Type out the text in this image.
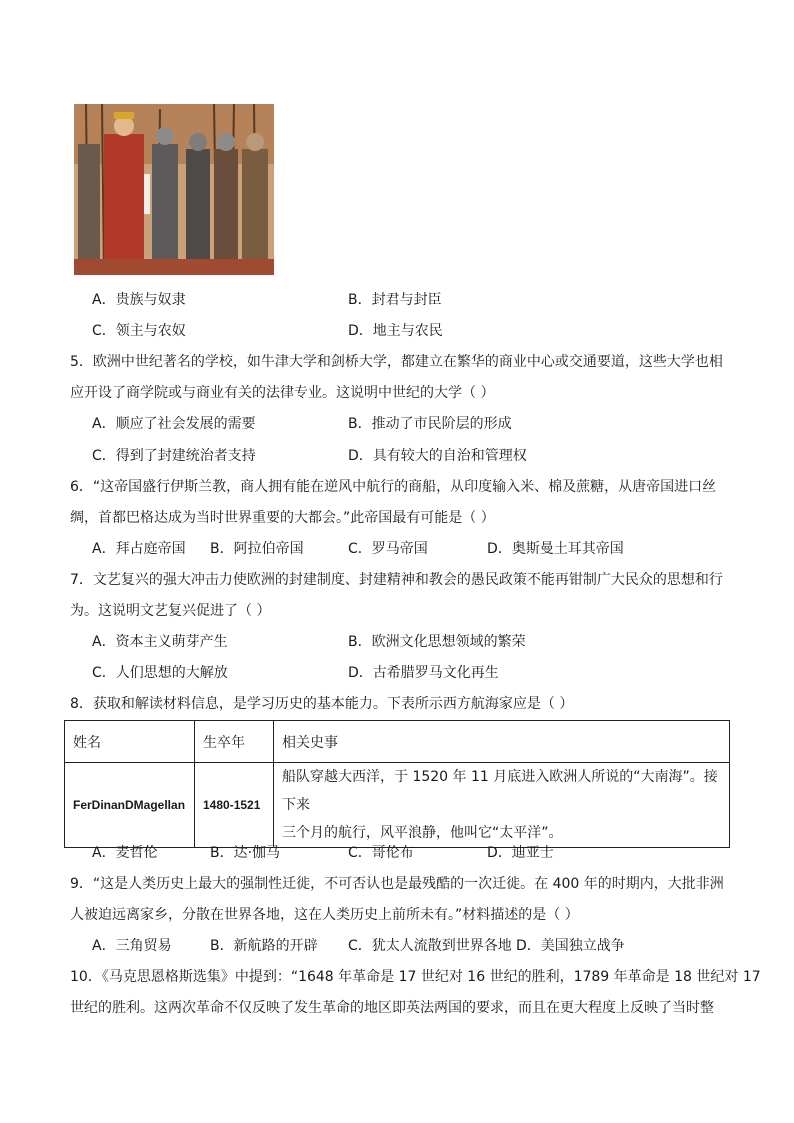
A．贵族与奴隶	B．封君与封臣
C．领主与农奴	D．地主与农民
5．欧洲中世纪著名的学校，如牛津大学和剑桥大学，都建立在繁华的商业中心或交通要道，这些大学也相
应开设了商学院或与商业有关的法律专业。这说明中世纪的大学（ ）
A．顺应了社会发展的需要	B．推动了市民阶层的形成
C．得到了封建统治者支持	D．具有较大的自治和管理权
6．“这帝国盛行伊斯兰教，商人拥有能在逆风中航行的商船，从印度输入米、棉及蔗糖，从唐帝国进口丝
绸，首都巴格达成为当时世界重要的大都会。”此帝国最有可能是（ ）
A．拜占庭帝国 B．阿拉伯帝国	C．罗马帝国	D．奥斯曼土耳其帝国
7．文艺复兴的强大冲击力使欧洲的封建制度、封建精神和教会的愚民政策不能再钳制广大民众的思想和行
为。这说明文艺复兴促进了（ ）
A．资本主义萌芽产生	B．欧洲文化思想领域的繁荣
C．人们思想的大解放	D．古希腊罗马文化再生
8．获取和解读材料信息，是学习历史的基本能力。下表所示西方航海家应是（ ）
姓名	生卒年	相关史事
FerDinanDMagellan	1480-1521	船队穿越大西洋，于 1520 年 11 月底进入欧洲人所说的“大南海”。接下来
三个月的航行，风平浪静，他叫它“太平洋”。
A．麦哲伦	B．达·伽马	C．哥伦布	D．迪亚士
9．“这是人类历史上最大的强制性迁徙，不可否认也是最残酷的一次迁徙。在 400 年的时期内，大批非洲
人被迫远离家乡，分散在世界各地，这在人类历史上前所未有。”材料描述的是（ ）
A．三角贸易	B．新航路的开辟 C．犹太人流散到世界各地 D．美国独立战争
10．《马克思恩格斯选集》中提到：“1648 年革命是 17 世纪对 16 世纪的胜利，1789 年革命是 18 世纪对 17
世纪的胜利。这两次革命不仅反映了发生革命的地区即英法两国的要求，而且在更大程度上反映了当时整
